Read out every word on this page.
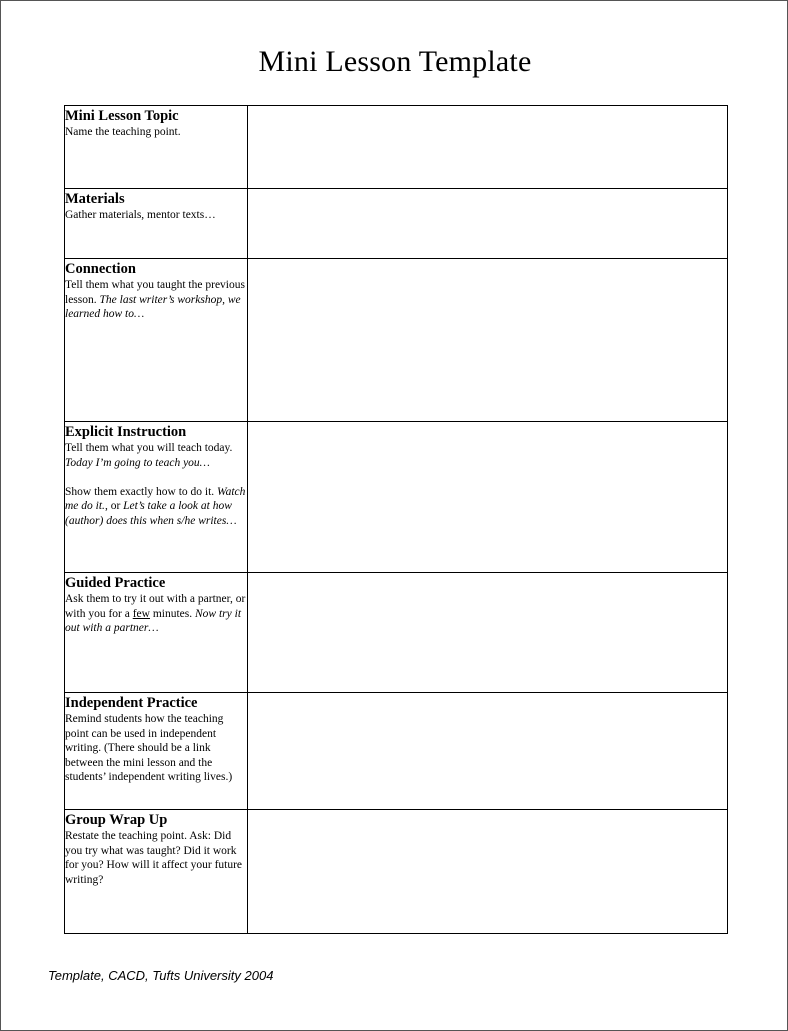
Mini Lesson Template
Mini Lesson Topic
Name the teaching point.	

Materials
Gather materials, mentor texts…	

Connection
Tell them what you taught the previous lesson. The last writer’s workshop, we learned how to…	

Explicit Instruction
Tell them what you will teach today. Today I’m going to teach you…
Show them exactly how to do it. Watch me do it., or Let’s take a look at how (author) does this when s/he writes…	

Guided Practice
Ask them to try it out with a partner, or with you for a few minutes. Now try it out with a partner…	

Independent Practice
Remind students how the teaching point can be used in independent writing. (There should be a link between the mini lesson and the students’ independent writing lives.)	

Group Wrap Up
Restate the teaching point. Ask: Did you try what was taught? Did it work for you? How will it affect your future writing?	

Template, CACD, Tufts University 2004
